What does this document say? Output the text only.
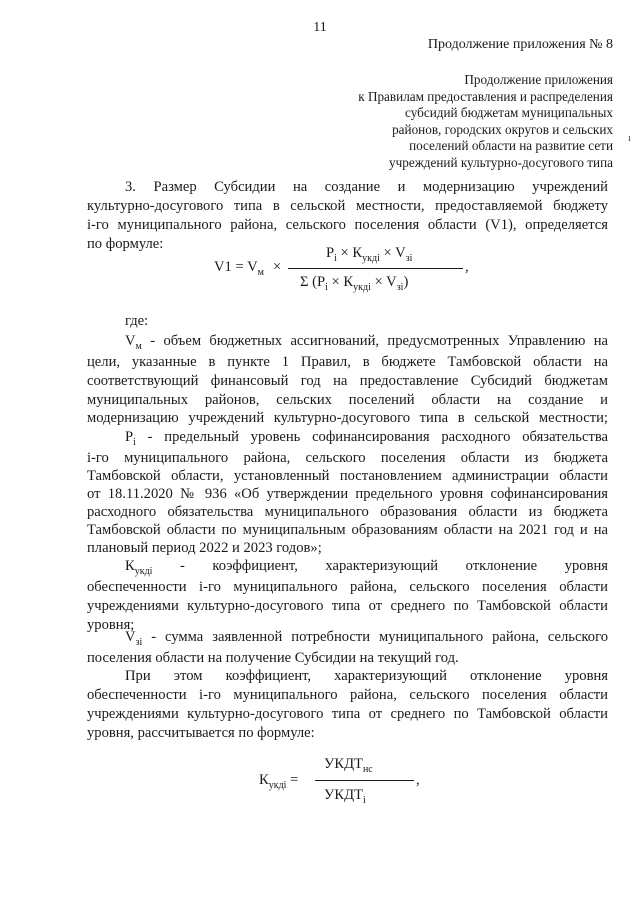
11
Продолжение приложения № 8
Продолжение приложения
к Правилам предоставления и распределения
субсидий бюджетам муниципальных
районов, городских округов и сельских
поселений области на развитие сети
учреждений культурно-досугового типа
ı
3. Размер Субсидии на создание и модернизацию учреждений
культурно-досугового типа в сельской местности, предоставляемой бюджету
i-го муниципального района, сельского поселения области (V1), определяется
по формуле:
$V1 = V_м$ ×
$P_i \times К_{укдi} \times V_{зi}$
Σ $(P_i \times К_{укдi} \times V_{зi})$
,
где:
$V_м$ - объем бюджетных ассигнований, предусмотренных Управлению на
цели, указанные в пункте 1 Правил, в бюджете Тамбовской области на
соответствующий финансовый год на предоставление Субсидий бюджетам
муниципальных районов, сельских поселений области на создание и
модернизацию учреждений культурно-досугового типа в сельской местности;
$P_i$ - предельный уровень софинансирования расходного обязательства
i-го муниципального района, сельского поселения области из бюджета
Тамбовской области, установленный постановлением администрации области
от 18.11.2020 № 936 «Об утверждении предельного уровня софинансирования
расходного обязательства муниципального образования области из бюджета
Тамбовской области по муниципальным образованиям области на 2021 год и на
плановый период 2022 и 2023 годов»;
$К_{укдi}$ - коэффициент, характеризующий отклонение уровня
обеспеченности i-го муниципального района, сельского поселения области
учреждениями культурно-досугового типа от среднего по Тамбовской области
уровня;
$V_{зi}$ - сумма заявленной потребности муниципального района, сельского
поселения области на получение Субсидии на текущий год.
При этом коэффициент, характеризующий отклонение уровня
обеспеченности i-го муниципального района, сельского поселения области
учреждениями культурно-досугового типа от среднего по Тамбовской области
уровня, рассчитывается по формуле:
$К_{укдi}$ =
$УКДТ_{нс}$
$УКДТ_i$
,
